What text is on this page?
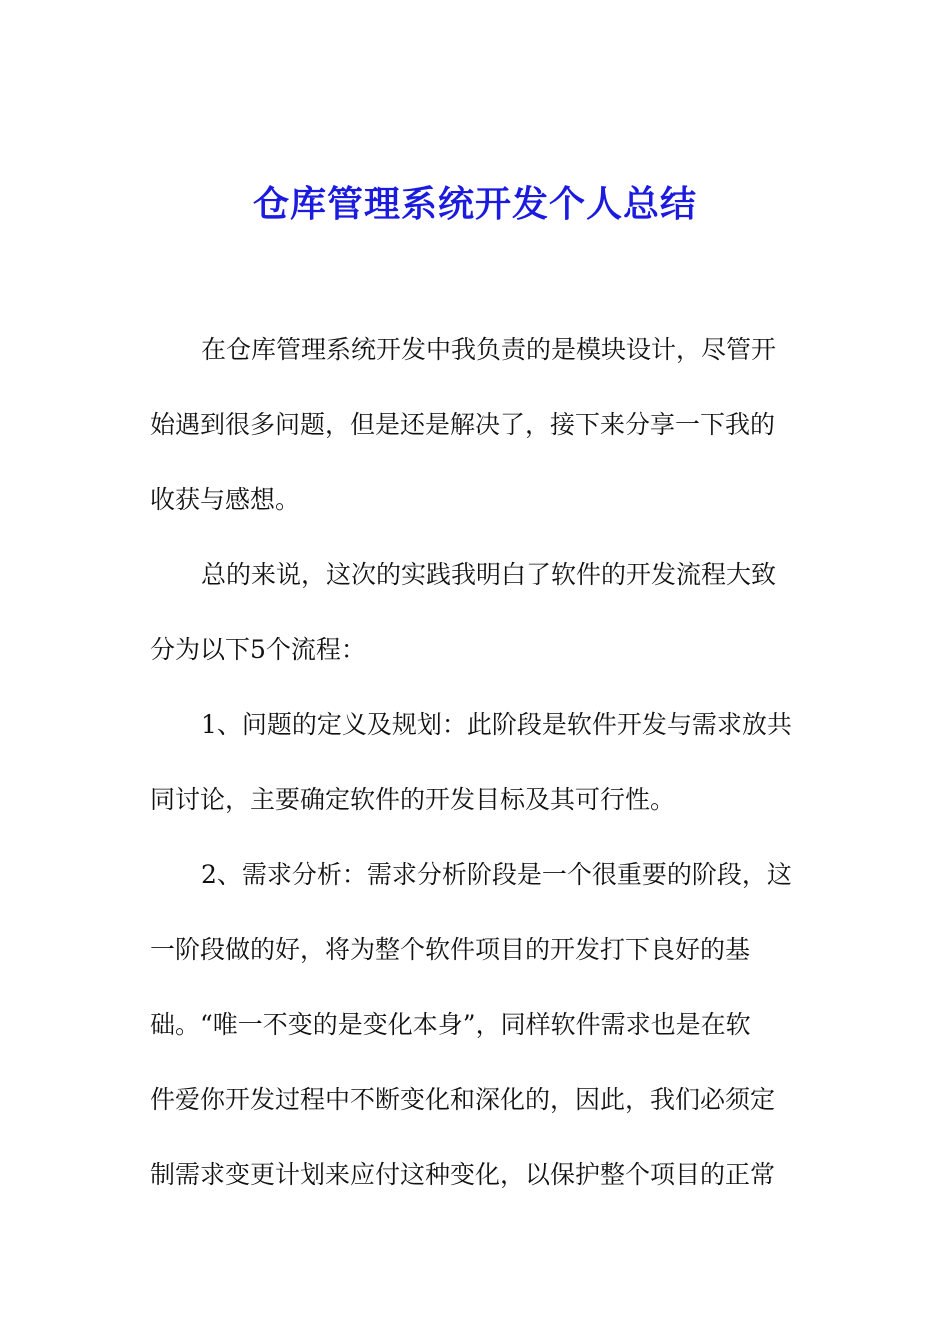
仓库管理系统开发个人总结
在仓库管理系统开发中我负责的是模块设计，尽管开
始遇到很多问题，但是还是解决了，接下来分享一下我的
收获与感想。
总的来说，这次的实践我明白了软件的开发流程大致
分为以下5个流程：
1、问题的定义及规划：此阶段是软件开发与需求放共
同讨论，主要确定软件的开发目标及其可行性。
2、需求分析：需求分析阶段是一个很重要的阶段，这
一阶段做的好，将为整个软件项目的开发打下良好的基
础。“唯一不变的是变化本身”，同样软件需求也是在软
件爱你开发过程中不断变化和深化的，因此，我们必须定
制需求变更计划来应付这种变化，以保护整个项目的正常
